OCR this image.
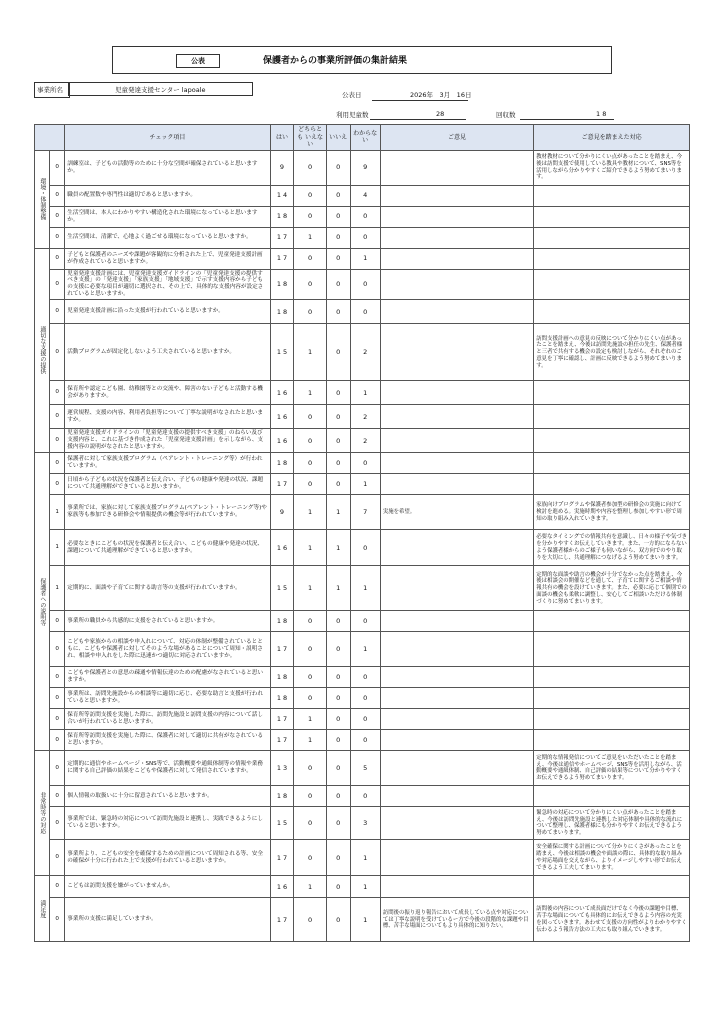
公表	保護者からの事業所評価の集計結果
事業所名	児童発達支援センター lapoale
公表日	2026年　3月　16日
利用児童数	28	回収数	1 8
		チェック項目	はい	どちらとも いえない	いいえ	わからない	ご意見	ご意見を踏まえた対応

環境・体制整備	0	訓練室は、子どもの活動等のために十分な空間が確保されていると思いますか。	9	0	0	9		教材教材について分かりにくい点があったことを踏まえ、今後は訪問支援で使用している教具や教材について、SNS等を活用しながら分かりやすくご紹介できるよう努めてまいります。
	0	職員の配置数や専門性は適切であると思いますか。	1 4	0	0	4		
	0	生活空間は、本人にわかりやすい構造化された環境になっていると思いますか。	1 8	0	0	0		
	0	生活空間は、清潔で、心地よく過ごせる環境になっていると思いますか。	1 7	1	0	0		

適切な支援の提供	0	子どもと保護者のニーズや課題が客観的に分析された上で、児童発達支援計画が作成されていると思いますか。	1 7	0	0	1		
	0	児童発達支援計画には、児童発達支援ガイドラインの「児童発達支援の提供すべき支援」の「発達支援」「家族支援」「地域支援」で示す支援内容から子どもの支援に必要な項目が適切に選択され、その上で、具体的な支援内容が設定されていると思いますか。	1 8	0	0	0		
	0	児童発達支援計画に沿った支援が行われていると思いますか。	1 8	0	0	0		
	0	活動プログラムが固定化しないよう工夫されていると思いますか。	1 5	1	0	2		訪問支援計画への意見の反映について分かりにくい点があったことを踏まえ、今後は訪問先施設の担任の先生、保護者様と三者で共有する機会の設定も検討しながら、それぞれのご意見を丁寧に確認し、計画に反映できるよう努めてまいります。
	0	保育所や認定こども園、幼稚園等との交流や、障害のない子どもと活動する機会がありますか。	1 6	1	0	1		
	0	運営規程、支援の内容、利用者負担等について丁寧な説明がなされたと思いますか。	1 6	0	0	2		
	0	児童発達支援ガイドラインの「児童発達支援の提供すべき支援」のねらい及び支援内容と、これに基づき作成された「児童発達支援計画」を示しながら、支援内容の説明がなされたと思いますか。	1 6	0	0	2		

保護者への説明等	0	保護者に対して家族支援プログラム（ペアレント・トレーニング等）が行われていますか。	1 8	0	0	0		
	0	日頃から子どもの状況を保護者と伝え合い、子どもの健康や発達の状況、課題について共通理解ができていると思いますか。	1 7	0	0	1		
	1	事業所では、家族に対して家族支援プログラム(ペアレント・トレーニング等)や家族等も参加できる研修会や情報提供の機会等が行われていますか。	9	1	1	7	実施を希望。	家族向けプログラムや保護者参加型の研修会の実施に向けて検討を進める。実施時期や内容を整理し参加しやすい形で周知の取り組み入れていきます。
	1	必要なときにこどもの状況を保護者と伝え合い、こどもの健康や発達の状況、課題について共通理解ができていると思いますか。	1 6	1	1	0		必要なタイミングでの情報共有を意識し、日々の様子や気づきを分かりやすくお伝えしていきます。また、一方的にならないよう保護者様からのご様子も伺いながら、双方向でのやり取りを大切にし、共通理解につなげるよう努めてまいります。
	1	定期的に、面談や子育てに関する助言等の支援が行われていますか。	1 5	1	1	1		定期的な面談や助言の機会が十分でなかった点を踏まえ、今後は相談会の開催などを通して、子育てに関するご相談や情報共有の機会を設けていきます。また、必要に応じて個別での面談の機会も柔軟に調整し、安心してご相談いただける体制づくりに努めてまいります。
	0	事業所の職員から共感的に支援をされていると思いますか。	1 8	0	0	0		
	0	こどもや家族からの相談や申入れについて、対応の体制が整備されているとともに、こどもや保護者に対してそのような場があることについて周知・説明され、相談や申入れをした際に迅速かつ適切に対応されていますか。	1 7	0	0	1		
	0	こどもや保護者との意思の疎通や情報伝達のための配慮がなされていると思いますか。	1 8	0	0	0		
	0	事業所は、訪問先施設からの相談等に適切に応じ、必要な助言と支援が行われていると思いますか。	1 8	0	0	0		
	0	保育所等訪問支援を実施した際に、訪問先施設と訪問支援の内容について話し合いが行われていると思いますか。	1 7	1	0	0		
	0	保育所等訪問支援を実施した際に、保護者に対して適切に共有がなされていると思いますか。	1 7	1	0	0		

非常時等の対応	0	定期的に通信やホームページ・SNS等で、活動概要や通級体制等の情報や業務に関する自己評価の結果をこどもや保護者に対して発信されていますか。	1 3	0	0	5		定期的な情報発信についてご意見をいただいたことを踏まえ、今後は通信やホームページ、SNS等を活用しながら、活動概要や通級体制、自己評価の結果等について分かりやすくお伝えできるよう努めてまいります。
	0	個人情報の取扱いに十分に留意されていると思いますか。	1 8	0	0	0		
	0	事業所では、緊急時の対応について訪問先施設と連携し、実践できるようにしていると思いますか。	1 5	0	0	3		緊急時の対応について分かりにくい点があったことを踏まえ、今後は訪問先施設と連携した対応体制や具体的な流れについて整理し、保護者様にも分かりやすくお伝えできるよう努めてまいります。
	0	事業所より、こどもの安全を確保するための計画について周知される等、安全の確保が十分に行われた上で支援が行われていると思いますか。	1 7	0	0	1		安全確保に関する計画について分かりにくさがあったことを踏まえ、今後は相談の機会や面談の際に、具体的な取り組みや対応場面を交えながら、よりイメージしやすい形でお伝えできるよう工夫してまいります。

満足度	0	こどもは訪問支援を嫌がっていませんか。	1 6	1	0	1		
	0	事業所の支援に満足していますか。	1 7	0	0	1	訪問後の振り返り報告において成長している点や対応については丁寧な説明を受けているー方で今後の段階的な課題や目標、苦手な場面についてもより具体的に知りたい。	訪問後の内容について成長面だけでなく今後の課題や目標、苦手な場面についても具体的にお伝えできるよう内容の充実を図っていきます。あわせて支援の方向性がよりわかりやすく伝わるよう報告方法の工夫にも取り組んでいきます。
